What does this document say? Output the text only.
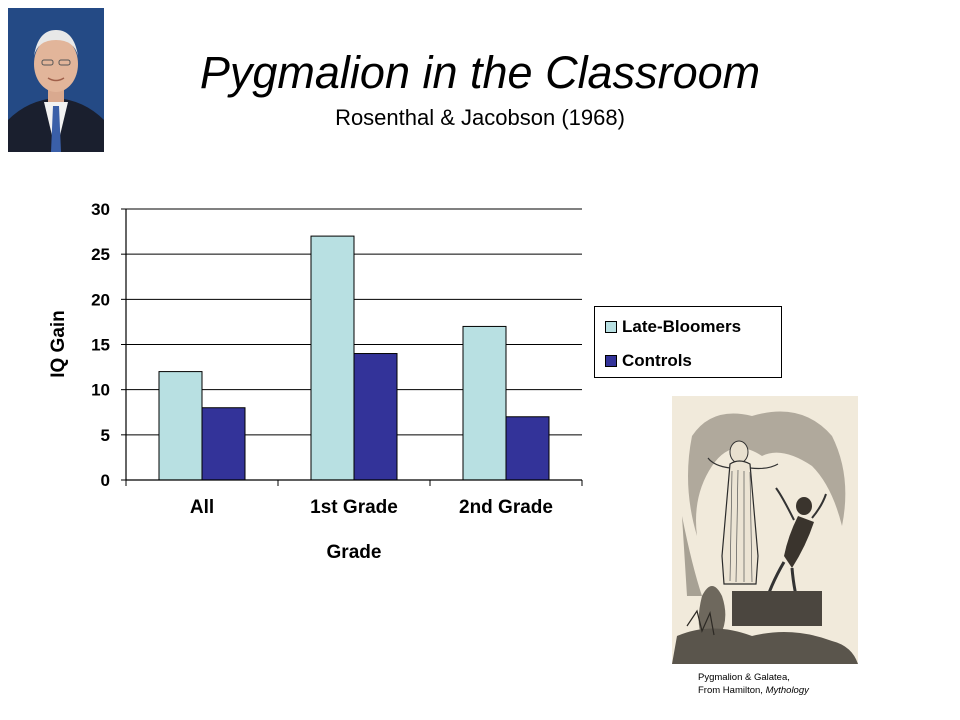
Pygmalion in the Classroom
Rosenthal & Jacobson (1968)
0
5
10
15
20
25
30
All	1st Grade	2nd Grade
Grade
IQ Gain	Late-Bloomers
Controls
Pygmalion & Galatea,
From Hamilton, Mythology
